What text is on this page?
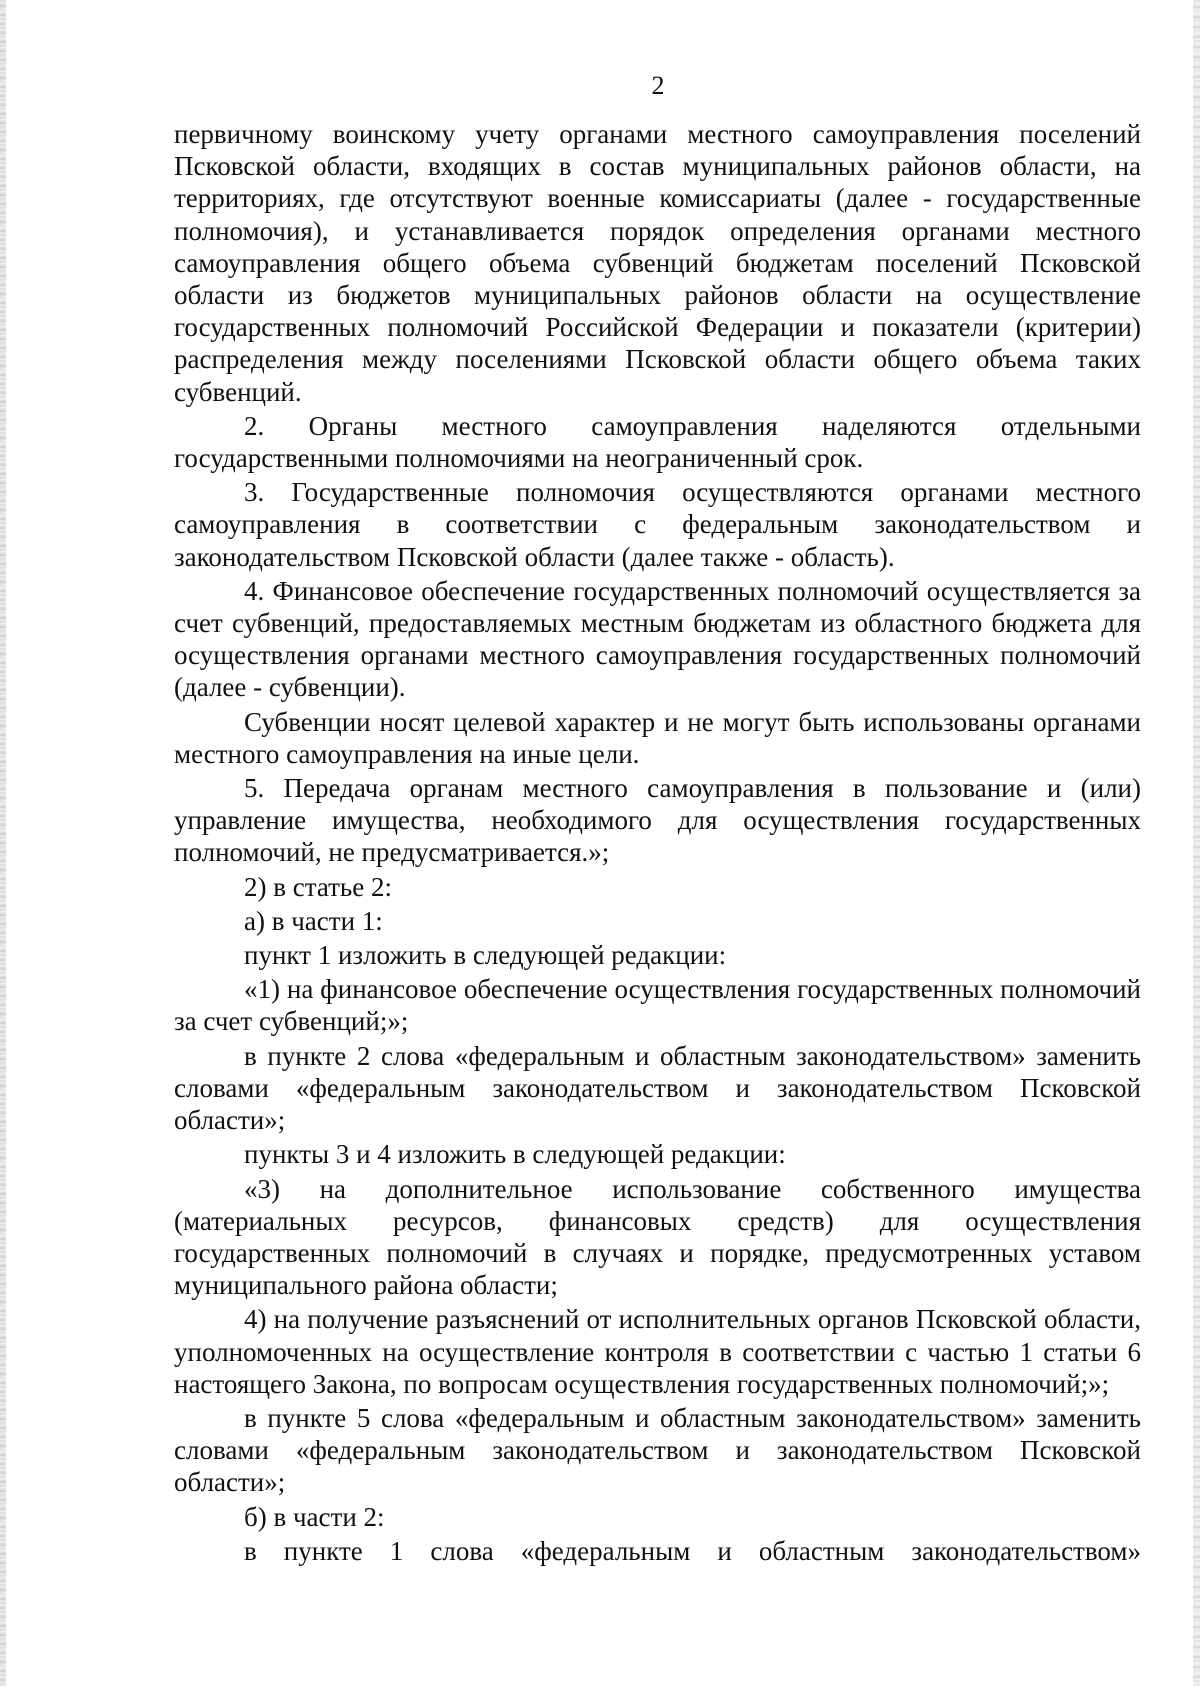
2

первичному воинскому учету органами местного самоуправления поселений Псковской области, входящих в состав муниципальных районов области, на территориях, где отсутствуют военные комиссариаты (далее - государственные полномочия), и устанавливается порядок определения органами местного самоуправления общего объема субвенций бюджетам поселений Псковской области из бюджетов муниципальных районов области на осуществление государственных полномочий Российской Федерации и показатели (критерии) распределения между поселениями Псковской области общего объема таких субвенций.

2. Органы местного самоуправления наделяются отдельными государственными полномочиями на неограниченный срок.

3. Государственные полномочия осуществляются органами местного самоуправления в соответствии с федеральным законодательством и законодательством Псковской области (далее также - область).

4. Финансовое обеспечение государственных полномочий осуществляется за счет субвенций, предоставляемых местным бюджетам из областного бюджета для осуществления органами местного самоуправления государственных полномочий (далее - субвенции).

Субвенции носят целевой характер и не могут быть использованы органами местного самоуправления на иные цели.

5. Передача органам местного самоуправления в пользование и (или) управление имущества, необходимого для осуществления государственных полномочий, не предусматривается.»;

2) в статье 2:

а) в части 1:

пункт 1 изложить в следующей редакции:

«1) на финансовое обеспечение осуществления государственных полномочий за счет субвенций;»;

в пункте 2 слова «федеральным и областным законодательством» заменить словами «федеральным законодательством и законодательством Псковской области»;

пункты 3 и 4 изложить в следующей редакции:

«3) на дополнительное использование собственного имущества (материальных ресурсов, финансовых средств) для осуществления государственных полномочий в случаях и порядке, предусмотренных уставом муниципального района области;

4) на получение разъяснений от исполнительных органов Псковской области, уполномоченных на осуществление контроля в соответствии с частью 1 статьи 6 настоящего Закона, по вопросам осуществления государственных полномочий;»;

в пункте 5 слова «федеральным и областным законодательством» заменить словами «федеральным законодательством и законодательством Псковской области»;

б) в части 2:

в пункте 1 слова «федеральным и областным законодательством»
